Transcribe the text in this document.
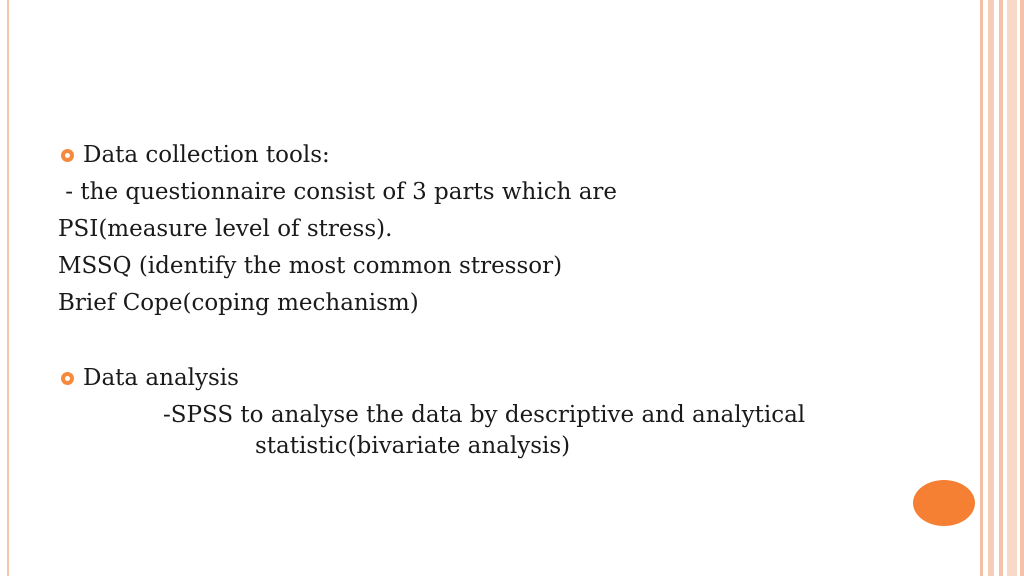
Data collection tools:
- the questionnaire consist of 3 parts which are
PSI(measure level of stress).
MSSQ (identify the most common stressor)
Brief Cope(coping mechanism)
Data analysis
-SPSS to analyse the data by descriptive and analytical
statistic(bivariate analysis)
